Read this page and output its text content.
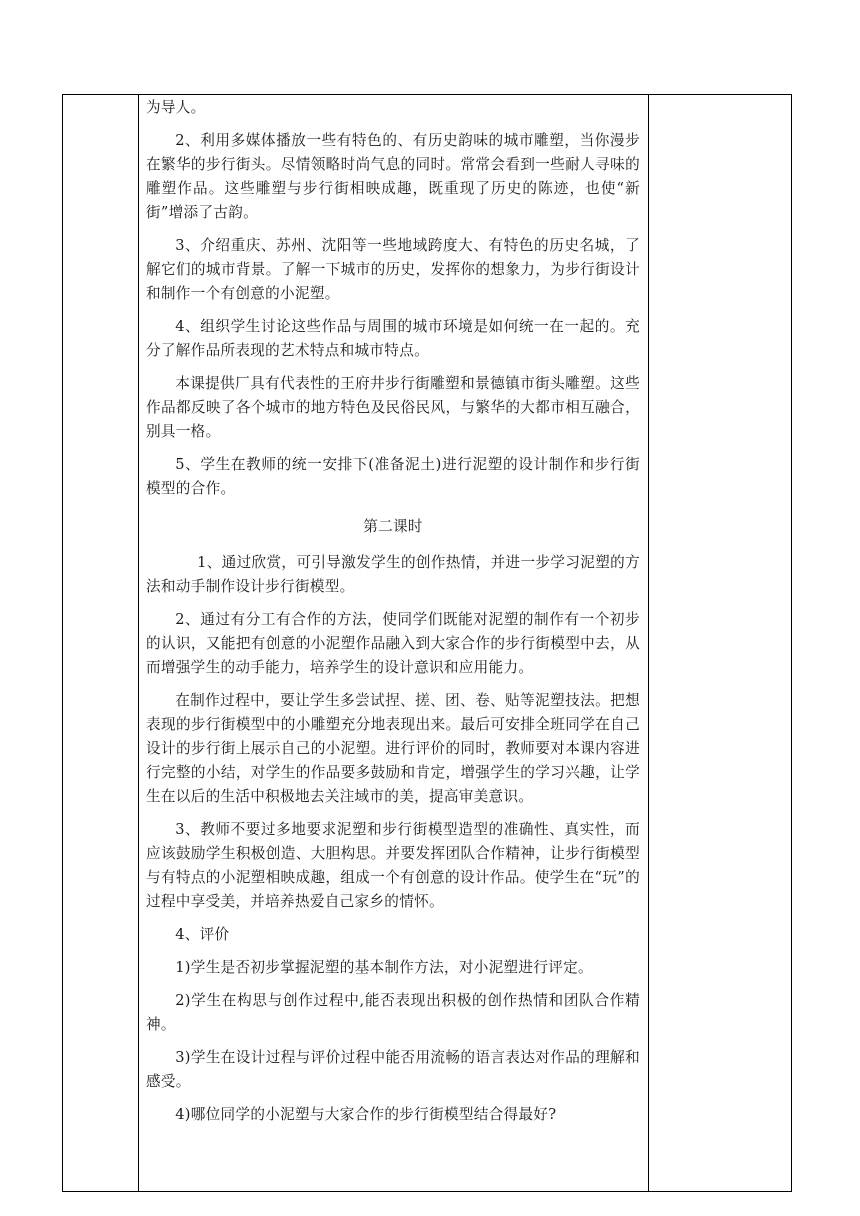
为导人。

2、利用多媒体播放一些有特色的、有历史韵味的城市雕塑，当你漫步在繁华的步行街头。尽情领略时尚气息的同时。常常会看到一些耐人寻味的雕塑作品。这些雕塑与步行街相映成趣，既重现了历史的陈迹，也使“新街”增添了古韵。

3、介绍重庆、苏州、沈阳等一些地域跨度大、有特色的历史名城，了解它们的城市背景。了解一下城市的历史，发挥你的想象力，为步行街设计和制作一个有创意的小泥塑。

4、组织学生讨论这些作品与周围的城市环境是如何统一在一起的。充分了解作品所表现的艺术特点和城市特点。

本课提供厂具有代表性的王府井步行街雕塑和景德镇市街头雕塑。这些作品都反映了各个城市的地方特色及民俗民风，与繁华的大都市相互融合，别具一格。

5、学生在教师的统一安排下(准备泥土)进行泥塑的设计制作和步行街模型的合作。

第二课时

1、通过欣赏，可引导激发学生的创作热情，并进一步学习泥塑的方法和动手制作设计步行街模型。

2、通过有分工有合作的方法，使同学们既能对泥塑的制作有一个初步的认识，又能把有创意的小泥塑作品融入到大家合作的步行街模型中去，从而增强学生的动手能力，培养学生的设计意识和应用能力。

在制作过程中，要让学生多尝试捏、搓、团、卷、贴等泥塑技法。把想表现的步行街模型中的小雕塑充分地表现出来。最后可安排全班同学在自己设计的步行街上展示自己的小泥塑。进行评价的同时，教师要对本课内容进行完整的小结，对学生的作品要多鼓励和肯定，增强学生的学习兴趣，让学生在以后的生活中积极地去关注域市的美，提高审美意识。

3、教师不要过多地要求泥塑和步行街模型造型的准确性、真实性，而应该鼓励学生积极创造、大胆构思。并要发挥团队合作精神，让步行街模型与有特点的小泥塑相映成趣，组成一个有创意的设计作品。使学生在“玩”的过程中享受美，并培养热爱自己家乡的情怀。

4、评价

1)学生是否初步掌握泥塑的基本制作方法，对小泥塑进行评定。

2)学生在构思与创作过程中,能否表现出积极的创作热情和团队合作精神。

3)学生在设计过程与评价过程中能否用流畅的语言表达对作品的理解和感受。

4)哪位同学的小泥塑与大家合作的步行街模型结合得最好?
